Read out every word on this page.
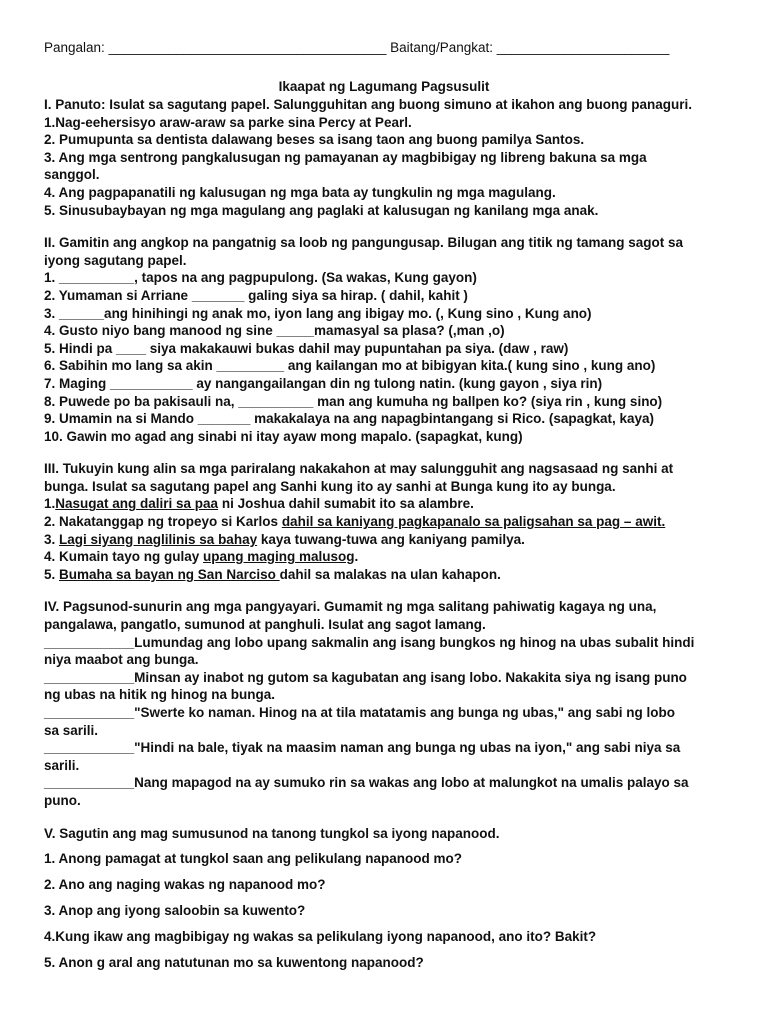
Pangalan: _____________________________________ Baitang/Pangkat: _______________________
Ikaapat ng Lagumang Pagsusulit
I. Panuto: Isulat sa sagutang papel. Salungguhitan ang buong simuno at ikahon ang buong panaguri.
1.Nag-eehersisyo araw-araw sa parke sina Percy at Pearl.
2. Pumupunta sa dentista dalawang beses sa isang taon ang buong pamilya Santos.
3. Ang mga sentrong pangkalusugan ng pamayanan ay magbibigay ng libreng bakuna sa mga
sanggol.
4. Ang pagpapanatili ng kalusugan ng mga bata ay tungkulin ng mga magulang.
5. Sinusubaybayan ng mga magulang ang paglaki at kalusugan ng kanilang mga anak.
II. Gamitin ang angkop na pangatnig sa loob ng pangungusap. Bilugan ang titik ng tamang sagot sa
iyong sagutang papel.
1. __________, tapos na ang pagpupulong. (Sa wakas, Kung gayon)
2. Yumaman si Arriane _______ galing siya sa hirap. ( dahil, kahit )
3. ______ang hinihingi ng anak mo, iyon lang ang ibigay mo. (, Kung sino , Kung ano)
4. Gusto niyo bang manood ng sine _____mamasyal sa plasa? (,man ,o)
5. Hindi pa ____ siya makakauwi bukas dahil may pupuntahan pa siya. (daw , raw)
6. Sabihin mo lang sa akin _________ ang kailangan mo at bibigyan kita.( kung sino , kung ano)
7. Maging ___________ ay nangangailangan din ng tulong natin. (kung gayon , siya rin)
8. Puwede po ba pakisauli na, __________ man ang kumuha ng ballpen ko? (siya rin , kung sino)
9. Umamin na si Mando _______ makakalaya na ang napagbintangang si Rico. (sapagkat, kaya)
10. Gawin mo agad ang sinabi ni itay ayaw mong mapalo. (sapagkat, kung)
III. Tukuyin kung alin sa mga pariralang nakakahon at may salungguhit ang nagsasaad ng sanhi at
bunga. Isulat sa sagutang papel ang Sanhi kung ito ay sanhi at Bunga kung ito ay bunga.
1.Nasugat ang daliri sa paa ni Joshua dahil sumabit ito sa alambre.
2. Nakatanggap ng tropeyo si Karlos dahil sa kaniyang pagkapanalo sa paligsahan sa pag – awit.
3. Lagi siyang naglilinis sa bahay kaya tuwang-tuwa ang kaniyang pamilya.
4. Kumain tayo ng gulay upang maging malusog.
5. Bumaha sa bayan ng San Narciso dahil sa malakas na ulan kahapon.
IV. Pagsunod-sunurin ang mga pangyayari. Gumamit ng mga salitang pahiwatig kagaya ng una,
pangalawa, pangatlo, sumunod at panghuli. Isulat ang sagot lamang.
____________Lumundag ang lobo upang sakmalin ang isang bungkos ng hinog na ubas subalit hindi
niya maabot ang bunga.
____________Minsan ay inabot ng gutom sa kagubatan ang isang lobo. Nakakita siya ng isang puno
ng ubas na hitik ng hinog na bunga.
____________"Swerte ko naman. Hinog na at tila matatamis ang bunga ng ubas," ang sabi ng lobo
sa sarili.
____________"Hindi na bale, tiyak na maasim naman ang bunga ng ubas na iyon," ang sabi niya sa
sarili.
____________Nang mapagod na ay sumuko rin sa wakas ang lobo at malungkot na umalis palayo sa
puno.
V. Sagutin ang mag sumusunod na tanong tungkol sa iyong napanood.
1. Anong pamagat at tungkol saan ang pelikulang napanood mo?
2. Ano ang naging wakas ng napanood mo?
3. Anop ang iyong saloobin sa kuwento?
4.Kung ikaw ang magbibigay ng wakas sa pelikulang iyong napanood, ano ito? Bakit?
5. Anon g aral ang natutunan mo sa kuwentong napanood?
